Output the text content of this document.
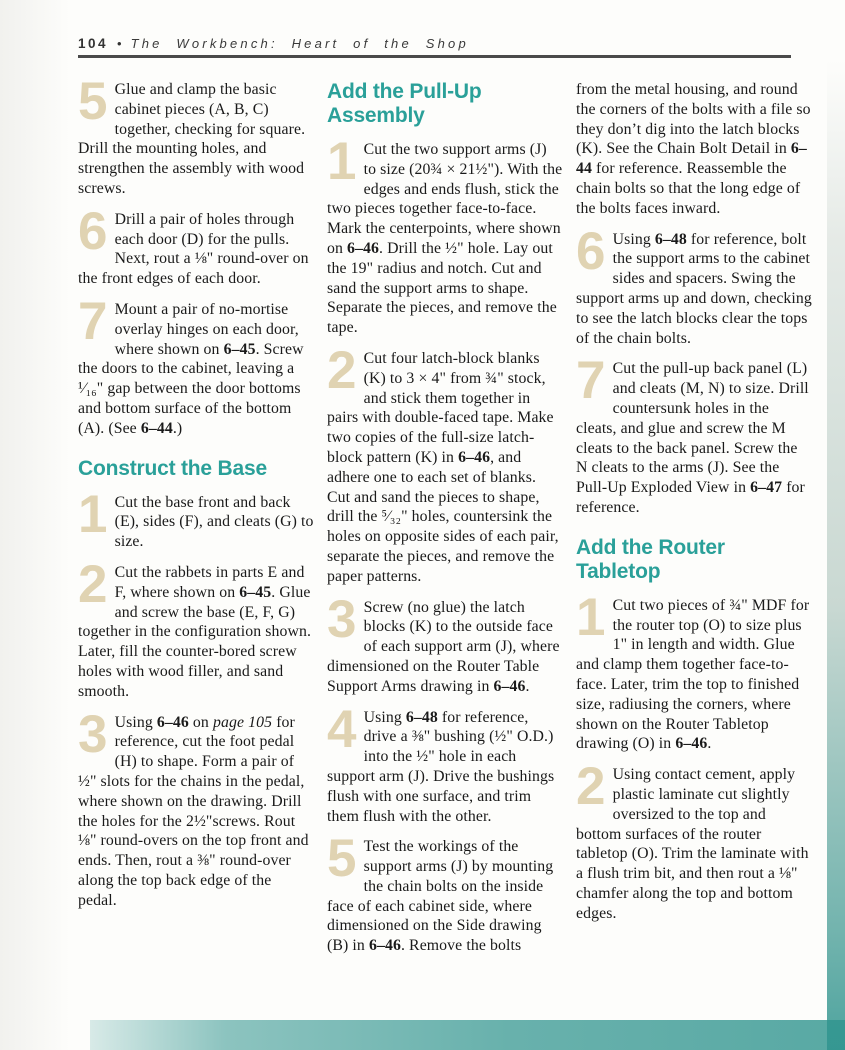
104 • The Workbench: Heart of the Shop
5 Glue and clamp the basic cabinet pieces (A, B, C) together, checking for square. Drill the mounting holes, and strengthen the assembly with wood screws.
6 Drill a pair of holes through each door (D) for the pulls. Next, rout a ⅛" round-over on the front edges of each door.
7 Mount a pair of no-mortise overlay hinges on each door, where shown on 6–45. Screw the doors to the cabinet, leaving a ¹⁄₁₆" gap between the door bottoms and bottom surface of the bottom (A). (See 6–44.)
Construct the Base
1 Cut the base front and back (E), sides (F), and cleats (G) to size.
2 Cut the rabbets in parts E and F, where shown on 6–45. Glue and screw the base (E, F, G) together in the configuration shown. Later, fill the counter-bored screw holes with wood filler, and sand smooth.
3 Using 6–46 on page 105 for reference, cut the foot pedal (H) to shape. Form a pair of ½" slots for the chains in the pedal, where shown on the drawing. Drill the holes for the 2½"screws. Rout ⅛" round-overs on the top front and ends. Then, rout a ⅜" round-over along the top back edge of the pedal.
Add the Pull-Up Assembly
1 Cut the two support arms (J) to size (20¾ × 21½"). With the edges and ends flush, stick the two pieces together face-to-face. Mark the centerpoints, where shown on 6–46. Drill the ½" hole. Lay out the 19" radius and notch. Cut and sand the support arms to shape. Separate the pieces, and remove the tape.
2 Cut four latch-block blanks (K) to 3 × 4" from ¾" stock, and stick them together in pairs with double-faced tape. Make two copies of the full-size latch-block pattern (K) in 6–46, and adhere one to each set of blanks. Cut and sand the pieces to shape, drill the ⁵⁄₃₂" holes, countersink the holes on opposite sides of each pair, separate the pieces, and remove the paper patterns.
3 Screw (no glue) the latch blocks (K) to the outside face of each support arm (J), where dimensioned on the Router Table Support Arms drawing in 6–46.
4 Using 6–48 for reference, drive a ⅜" bushing (½" O.D.) into the ½" hole in each support arm (J). Drive the bushings flush with one surface, and trim them flush with the other.
5 Test the workings of the support arms (J) by mounting the chain bolts on the inside face of each cabinet side, where dimensioned on the Side drawing (B) in 6–46. Remove the bolts

from the metal housing, and round the corners of the bolts with a file so they don’t dig into the latch blocks (K). See the Chain Bolt Detail in 6–44 for reference. Reassemble the chain bolts so that the long edge of the bolts faces inward.

6 Using 6–48 for reference, bolt the support arms to the cabinet sides and spacers. Swing the support arms up and down, checking to see the latch blocks clear the tops of the chain bolts.
7 Cut the pull-up back panel (L) and cleats (M, N) to size. Drill countersunk holes in the cleats, and glue and screw the M cleats to the back panel. Screw the N cleats to the arms (J). See the Pull-Up Exploded View in 6–47 for reference.
Add the Router Tabletop
1 Cut two pieces of ¾" MDF for the router top (O) to size plus 1" in length and width. Glue and clamp them together face-to-face. Later, trim the top to finished size, radiusing the corners, where shown on the Router Tabletop drawing (O) in 6–46.
2 Using contact cement, apply plastic laminate cut slightly oversized to the top and bottom surfaces of the router tabletop (O). Trim the laminate with a flush trim bit, and then rout a ⅛" chamfer along the top and bottom edges.
